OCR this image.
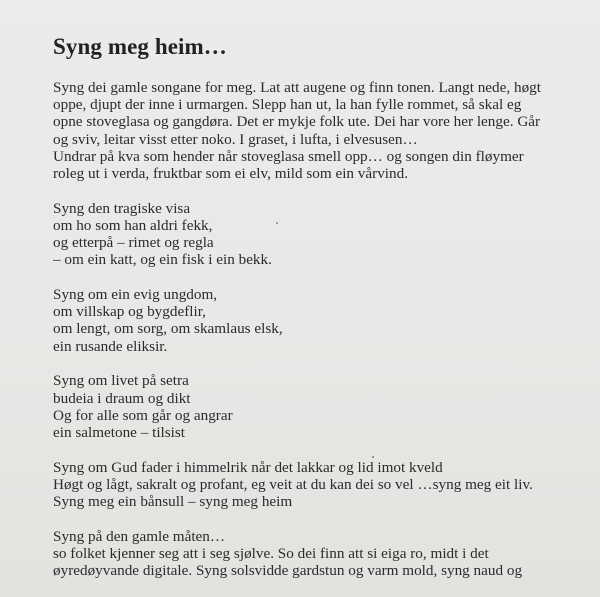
Syng meg heim…

Syng dei gamle songane for meg. Lat att augene og finn tonen. Langt nede, høgt
oppe, djupt der inne i urmargen. Slepp han ut, la han fylle rommet, så skal eg
opne stoveglasa og gangdøra. Det er mykje folk ute. Dei har vore her lenge. Går
og sviv, leitar visst etter noko. I graset, i lufta, i elvesusen…
Undrar på kva som hender når stoveglasa smell opp… og songen din fløymer
roleg ut i verda, fruktbar som ei elv, mild som ein vårvind.

Syng den tragiske visa
om ho som han aldri fekk,
og etterpå – rimet og regla
– om ein katt, og ein fisk i ein bekk.

Syng om ein evig ungdom,
om villskap og bygdeflir,
om lengt, om sorg, om skamlaus elsk,
ein rusande eliksir.

Syng om livet på setra
budeia i draum og dikt
Og for alle som går og angrar
ein salmetone – tilsist

Syng om Gud fader i himmelrik når det lakkar og lid imot kveld
Høgt og lågt, sakralt og profant, eg veit at du kan dei so vel …syng meg eit liv.
Syng meg ein bånsull – syng meg heim

Syng på den gamle måten…
so folket kjenner seg att i seg sjølve. So dei finn att si eiga ro, midt i det
øyredøyvande digitale. Syng solsvidde gardstun og varm mold, syng naud og
